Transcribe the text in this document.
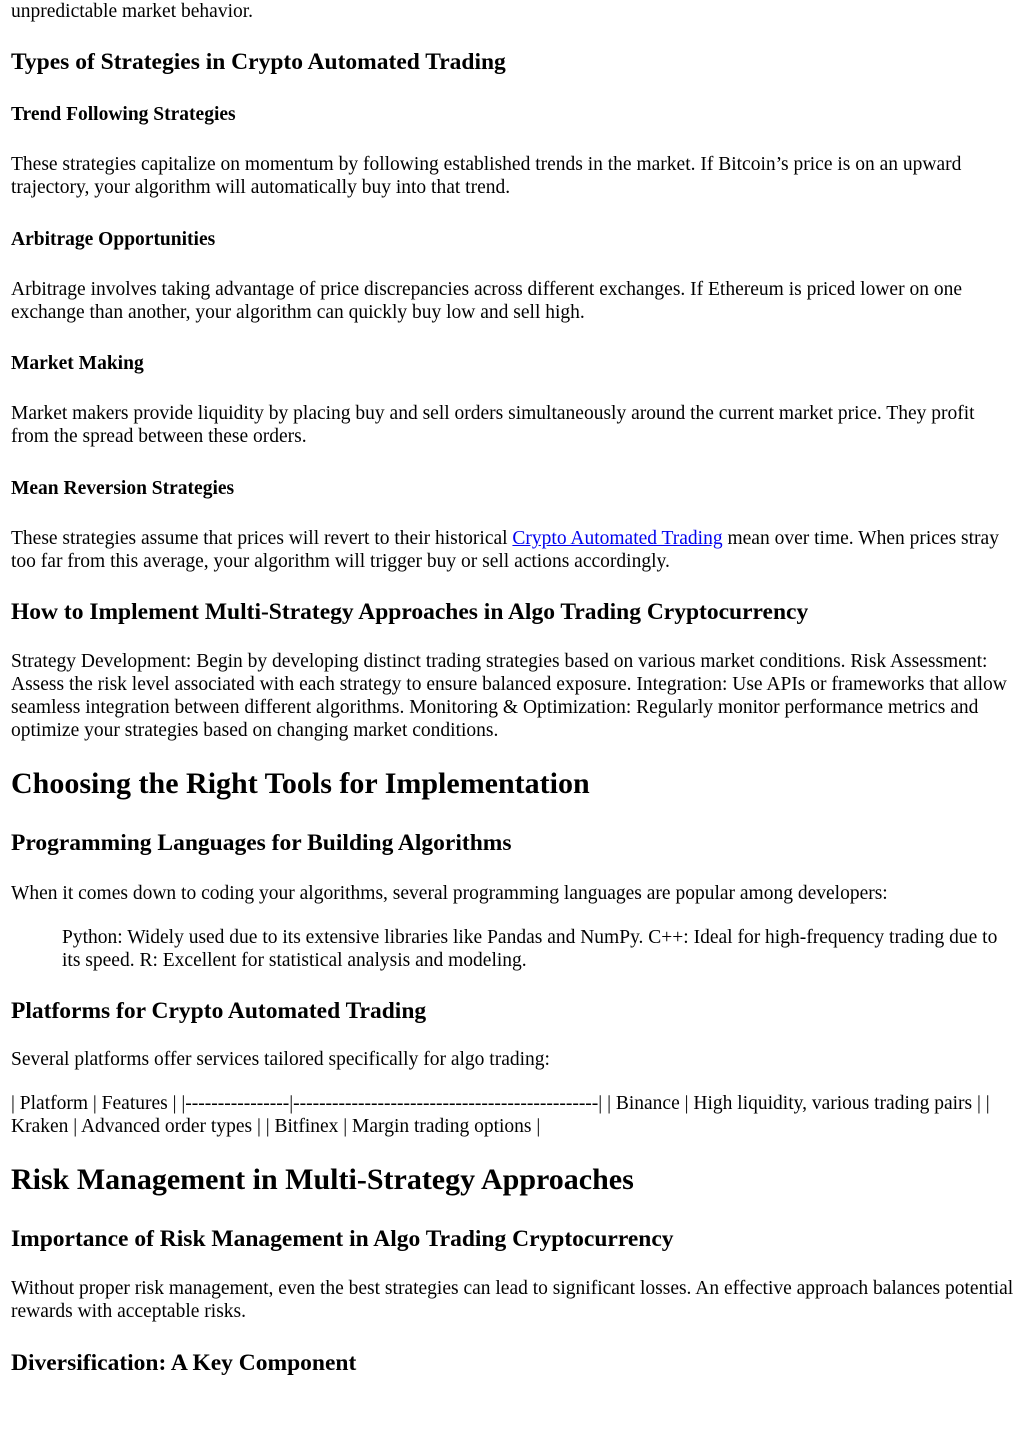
unpredictable market behavior.

Types of Strategies in Crypto Automated Trading
Trend Following Strategies

These strategies capitalize on momentum by following established trends in the market. If Bitcoin’s price is on an upward trajectory, your algorithm will automatically buy into that trend.

Arbitrage Opportunities

Arbitrage involves taking advantage of price discrepancies across different exchanges. If Ethereum is priced lower on one exchange than another, your algorithm can quickly buy low and sell high.

Market Making

Market makers provide liquidity by placing buy and sell orders simultaneously around the current market price. They profit from the spread between these orders.

Mean Reversion Strategies

These strategies assume that prices will revert to their historical Crypto Automated Trading mean over time. When prices stray too far from this average, your algorithm will trigger buy or sell actions accordingly.

How to Implement Multi-Strategy Approaches in Algo Trading Cryptocurrency

Strategy Development: Begin by developing distinct trading strategies based on various market conditions. Risk Assessment: Assess the risk level associated with each strategy to ensure balanced exposure. Integration: Use APIs or frameworks that allow seamless integration between different algorithms. Monitoring & Optimization: Regularly monitor performance metrics and optimize your strategies based on changing market conditions.

Choosing the Right Tools for Implementation
Programming Languages for Building Algorithms

When it comes down to coding your algorithms, several programming languages are popular among developers:

Python: Widely used due to its extensive libraries like Pandas and NumPy. C++: Ideal for high-frequency trading due to its speed. R: Excellent for statistical analysis and modeling.

Platforms for Crypto Automated Trading

Several platforms offer services tailored specifically for algo trading:

| Platform | Features | |----------------|-----------------------------------------------| | Binance | High liquidity, various trading pairs | | Kraken | Advanced order types | | Bitfinex | Margin trading options |

Risk Management in Multi-Strategy Approaches
Importance of Risk Management in Algo Trading Cryptocurrency

Without proper risk management, even the best strategies can lead to significant losses. An effective approach balances potential rewards with acceptable risks.

Diversification: A Key Component
